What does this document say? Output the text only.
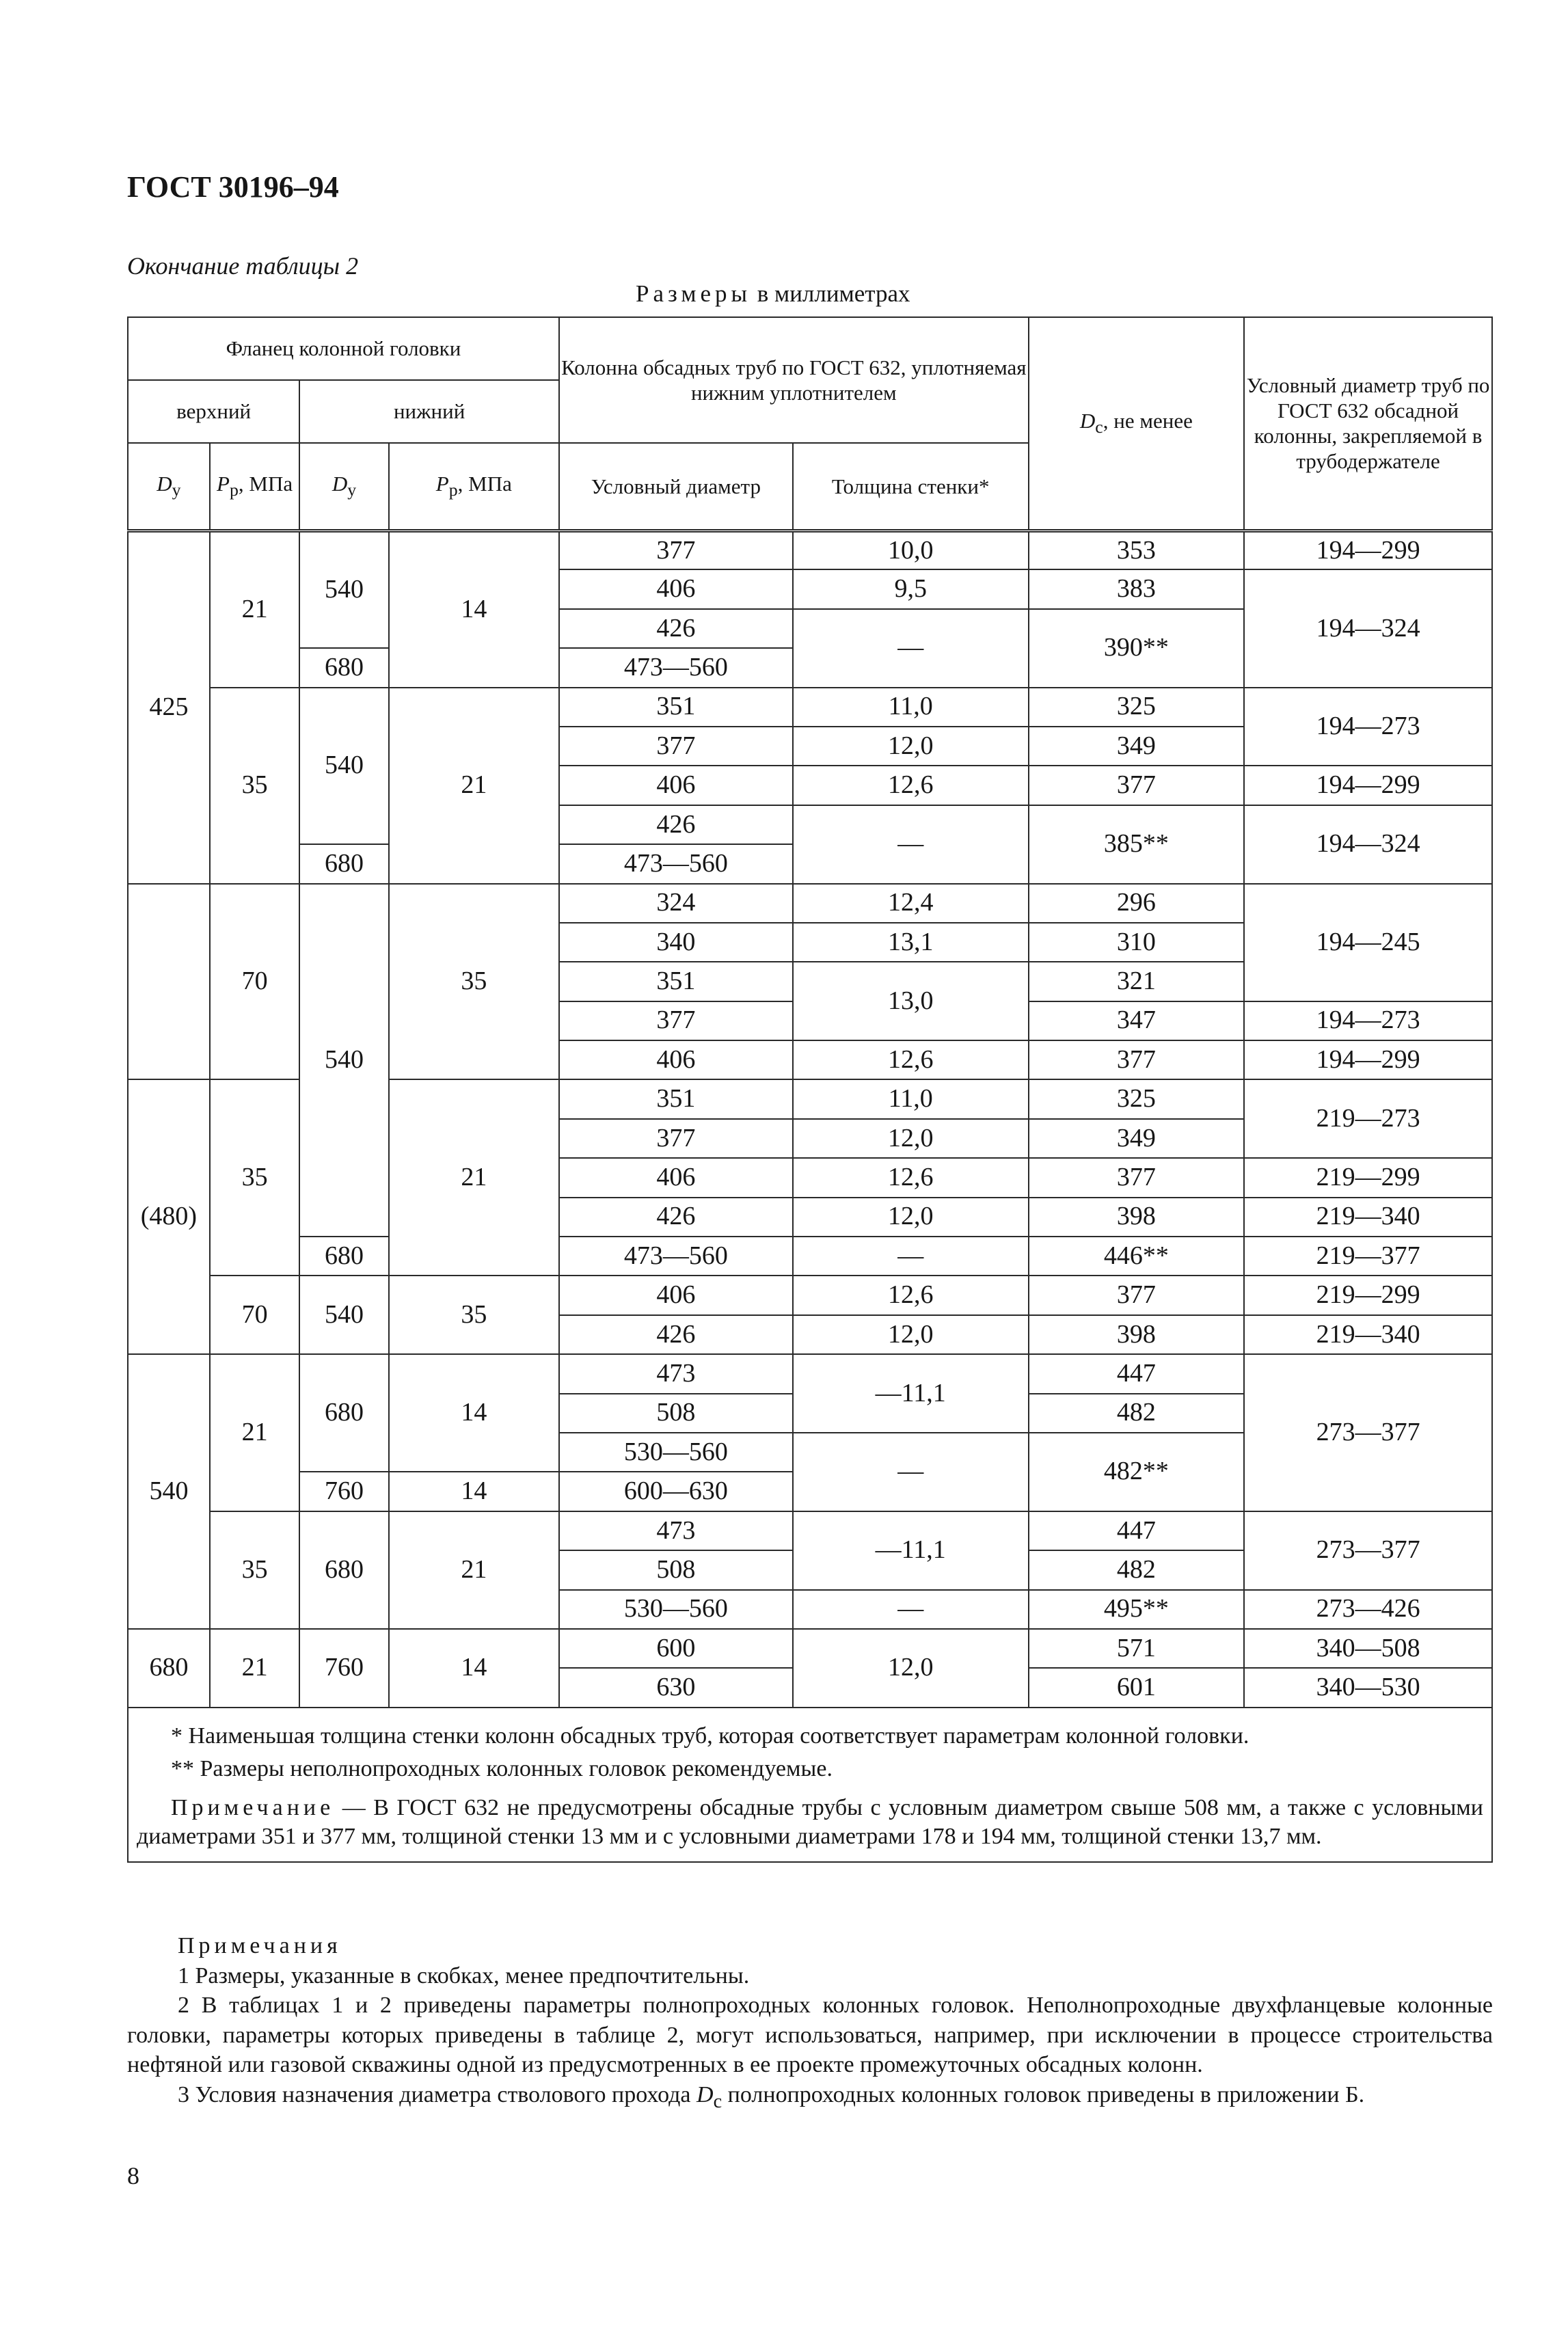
ГОСТ 30196–94
Окончание таблицы 2
Размеры в миллиметрах
Фланец колонной головки				Колонна обсадных труб по ГОСТ 632, уплотняемая нижним уплотнителем		$D_с$, не менее	Условный диаметр труб по ГОСТ 632 обсадной колонны, закрепляемой в трубодержателе
верхний		нижний					
$D_у$	$P_р$, МПа	$D_у$	$P_р$, МПа	Условный диаметр	Толщина стенки*		
425	21	540	14	377	10,0	353	194—299
				406	9,5	383	194—324
				426	—	390**	
		680		473—560			
	35	540	21	351	11,0	325	194—273
				377	12,0	349	
				406	12,6	377	194—299
				426	—	385**	194—324
		680		473—560			
	70	540	35	324	12,4	296	194—245
				340	13,1	310	
				351	13,0	321	
				377		347	194—273
				406	12,6	377	194—299
(480)	35		21	351	11,0	325	219—273
				377	12,0	349	
				406	12,6	377	219—299
				426	12,0	398	219—340
		680		473—560	—	446**	219—377
	70	540	35	406	12,6	377	219—299
				426	12,0	398	219—340
540	21	680	14	473	—11,1	447	273—377
				508		482	
				530—560	—	482**	
		760	14	600—630			
	35	680	21	473	—11,1	447	273—377
				508		482	
				530—560	—	495**	273—426
680	21	760	14	600	12,0	571	340—508
				630		601	340—530

* Наименьшая толщина стенки колонн обсадных труб, которая соответствует параметрам колонной головки.

** Размеры неполнопроходных колонных головок рекомендуемые.

Примечание — В ГОСТ 632 не предусмотрены обсадные трубы с условным диаметром свыше 508 мм, а также с условными диаметрами 351 и 377 мм, толщиной стенки 13 мм и с условными диаметрами 178 и 194 мм, толщиной стенки 13,7 мм.							

Примечания

1 Размеры, указанные в скобках, менее предпочтительны.

2 В таблицах 1 и 2 приведены параметры полнопроходных колонных головок. Неполнопроходные двухфланцевые колонные головки, параметры которых приведены в таблице 2, могут использоваться, например, при исключении в процессе строительства нефтяной или газовой скважины одной из предусмотренных в ее проекте промежуточных обсадных колонн.

3 Условия назначения диаметра стволового прохода $D_с$ полнопроходных колонных головок приведены в приложении Б.

8
